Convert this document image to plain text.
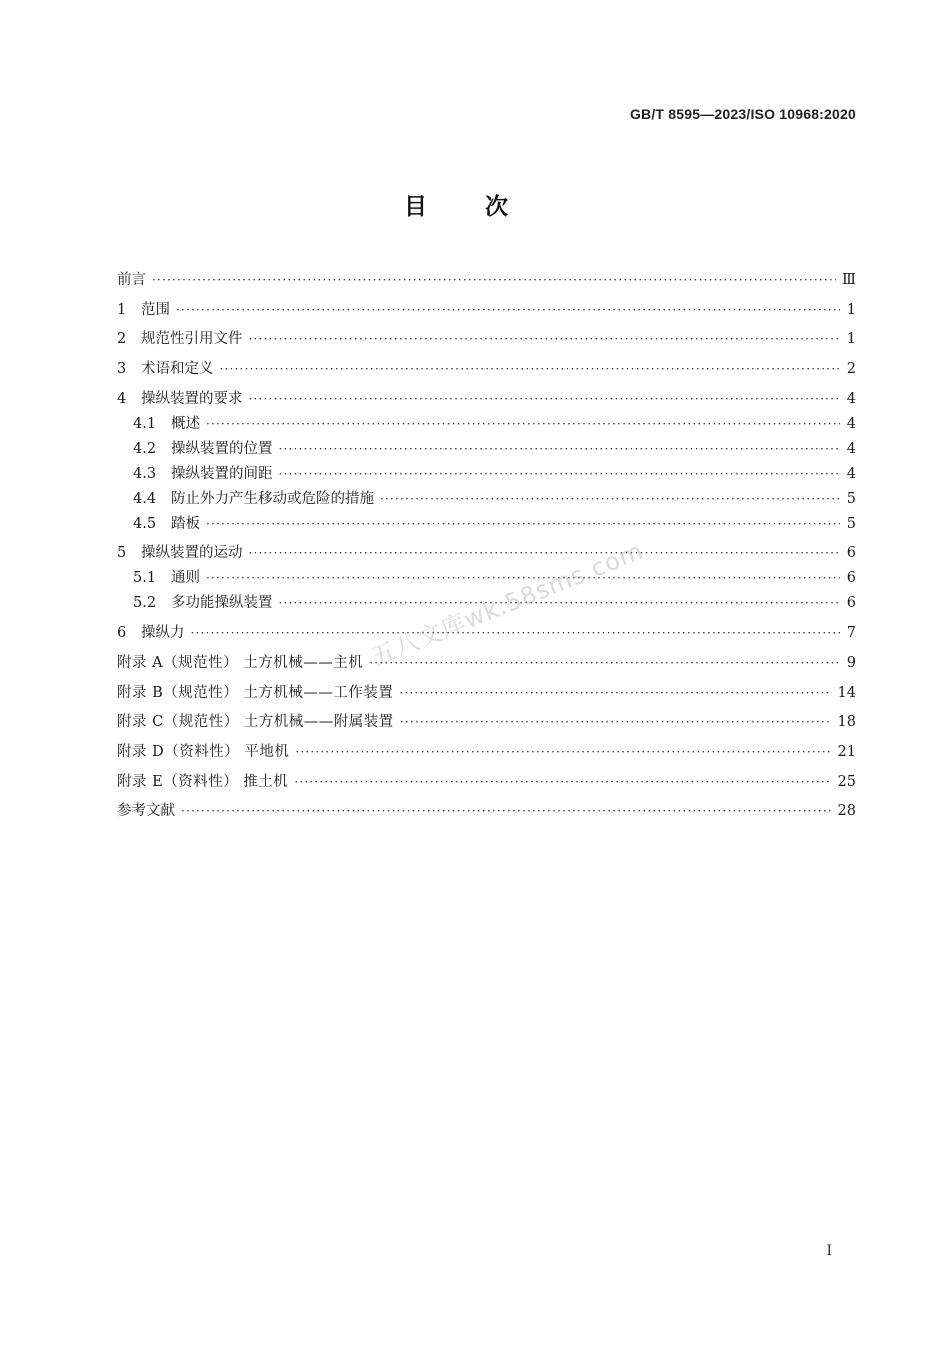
GB/T 8595—2023/ISO 10968:2020
目次
前言 ·····	Ⅲ
1	范围 ·····	1
2	规范性引用文件 ·····	1
3	术语和定义 ·····	2
4	操纵装置的要求 ·····	4
4.1	概述 ·····	4
4.2	操纵装置的位置 ·····	4
4.3	操纵装置的间距 ·····	4
4.4	防止外力产生移动或危险的措施 ·····	5
4.5	踏板 ·····	5
5	操纵装置的运动 ·····	6
5.1	通则 ·····	6
5.2	多功能操纵装置 ·····	6
6	操纵力 ·····	7
附录 A（规范性） 土方机械——主机 ·····	9
附录 B（规范性） 土方机械——工作装置 ·····	14
附录 C（规范性） 土方机械——附属装置 ·····	18
附录 D（资料性） 平地机 ·····	21
附录 E（资料性） 推土机 ·····	25
参考文献 ·····	28
五八文库wk.58sms.com
I
